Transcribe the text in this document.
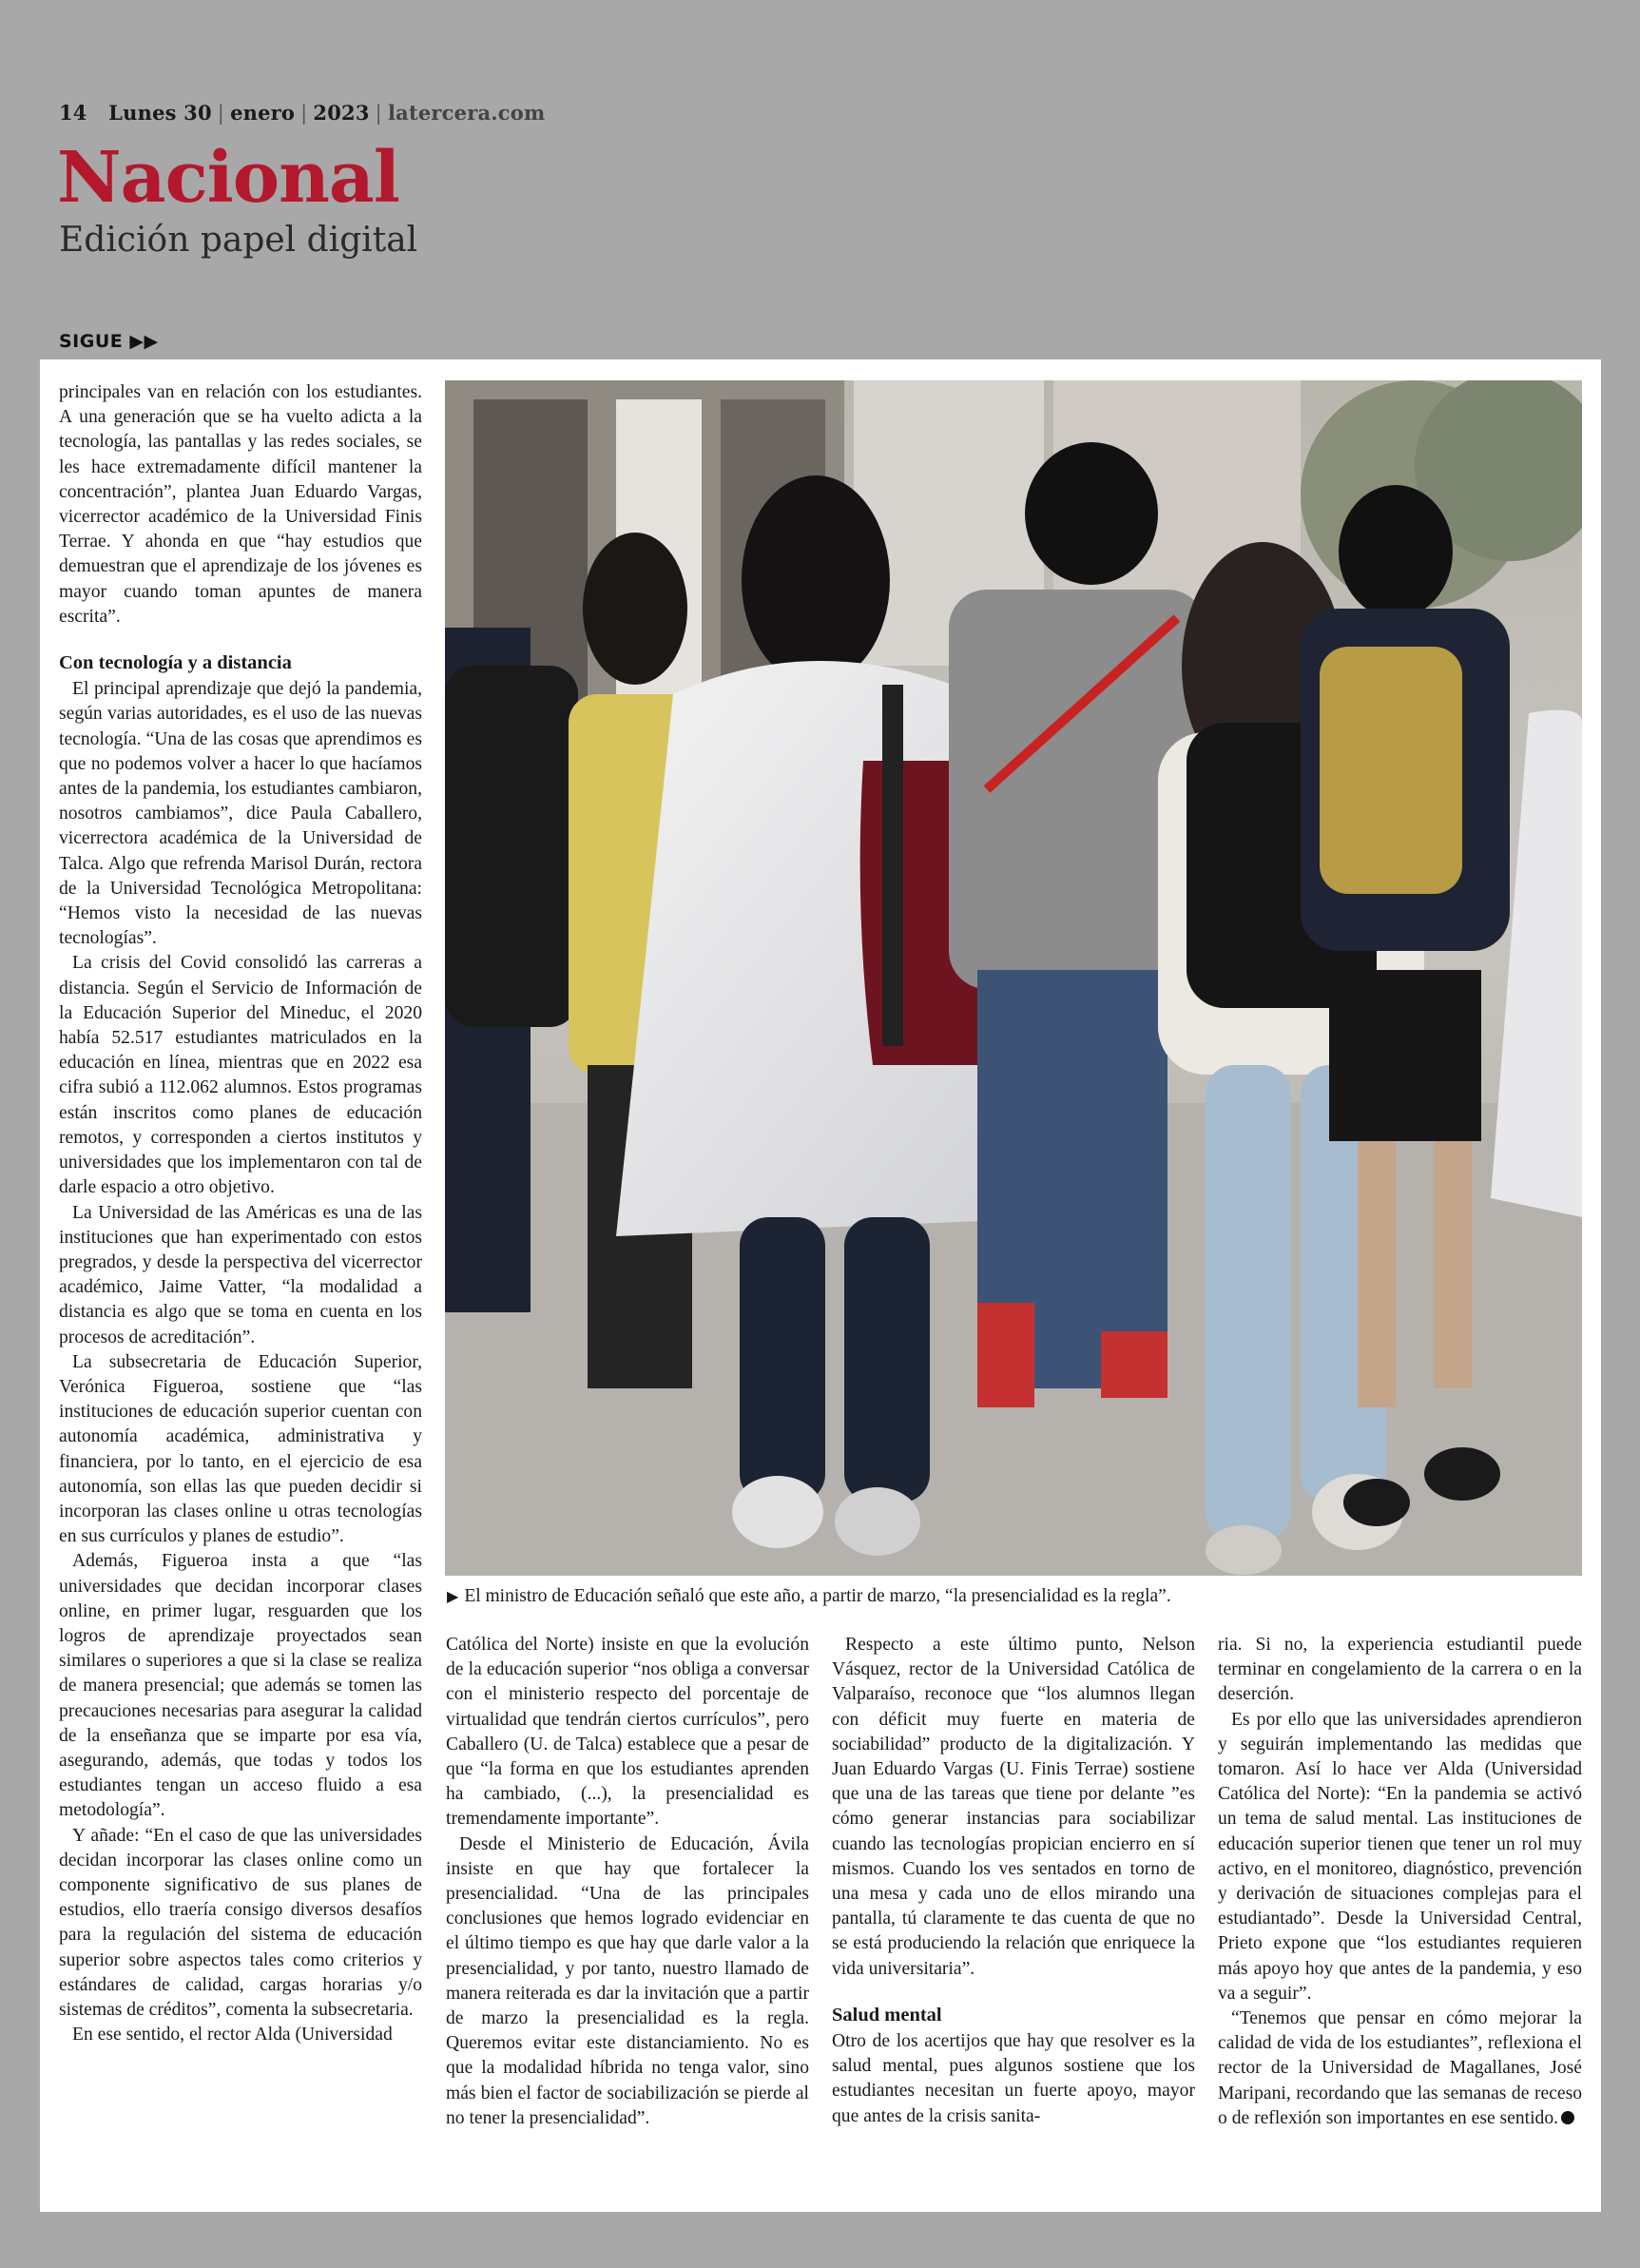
14 Lunes 30 | enero | 2023 | latercera.com
Nacional
Edición papel digital
SIGUE ▶▶

principales van en relación con los estudiantes. A una generación que se ha vuelto adicta a la tecnología, las pantallas y las redes sociales, se les hace extremadamente difícil mantener la concentración”, plantea Juan Eduardo Vargas, vicerrector académico de la Universidad Finis Terrae. Y ahonda en que “hay estudios que demuestran que el aprendizaje de los jóvenes es mayor cuando toman apuntes de manera escrita”.

Con tecnología y a distancia

El principal aprendizaje que dejó la pandemia, según varias autoridades, es el uso de las nuevas tecnología. “Una de las cosas que aprendimos es que no podemos volver a hacer lo que hacíamos antes de la pandemia, los estudiantes cambiaron, nosotros cambiamos”, dice Paula Caballero, vicerrectora académica de la Universidad de Talca. Algo que refrenda Marisol Durán, rectora de la Universidad Tecnológica Metropolitana: “Hemos visto la necesidad de las nuevas tecnologías”.

La crisis del Covid consolidó las carreras a distancia. Según el Servicio de Información de la Educación Superior del Mineduc, el 2020 había 52.517 estudiantes matriculados en la educación en línea, mientras que en 2022 esa cifra subió a 112.062 alumnos. Estos programas están inscritos como planes de educación remotos, y corresponden a ciertos institutos y universidades que los implementaron con tal de darle espacio a otro objetivo.

La Universidad de las Américas es una de las instituciones que han experimentado con estos pregrados, y desde la perspectiva del vicerrector académico, Jaime Vatter, “la modalidad a distancia es algo que se toma en cuenta en los procesos de acreditación”.

La subsecretaria de Educación Superior, Verónica Figueroa, sostiene que “las instituciones de educación superior cuentan con autonomía académica, administrativa y financiera, por lo tanto, en el ejercicio de esa autonomía, son ellas las que pueden decidir si incorporan las clases online u otras tecnologías en sus currículos y planes de estudio”.

Además, Figueroa insta a que “las universidades que decidan incorporar clases online, en primer lugar, resguarden que los logros de aprendizaje proyectados sean similares o superiores a que si la clase se realiza de manera presencial; que además se tomen las precauciones necesarias para asegurar la calidad de la enseñanza que se imparte por esa vía, asegurando, además, que todas y todos los estudiantes tengan un acceso fluido a esa metodología”.

Y añade: “En el caso de que las universidades decidan incorporar las clases online como un componente significativo de sus planes de estudios, ello traería consigo diversos desafíos para la regulación del sistema de educación superior sobre aspectos tales como criterios y estándares de calidad, cargas horarias y/o sistemas de créditos”, comenta la subsecretaria.

En ese sentido, el rector Alda (Universidad

▶ El ministro de Educación señaló que este año, a partir de marzo, “la presencialidad es la regla”.

Católica del Norte) insiste en que la evolución de la educación superior “nos obliga a conversar con el ministerio respecto del porcentaje de virtualidad que tendrán ciertos currículos”, pero Caballero (U. de Talca) establece que a pesar de que “la forma en que los estudiantes aprenden ha cambiado, (...), la presencialidad es tremendamente importante”.

Desde el Ministerio de Educación, Ávila insiste en que hay que fortalecer la presencialidad. “Una de las principales conclusiones que hemos logrado evidenciar en el último tiempo es que hay que darle valor a la presencialidad, y por tanto, nuestro llamado de manera reiterada es dar la invitación que a partir de marzo la presencialidad es la regla. Queremos evitar este distanciamiento. No es que la modalidad híbrida no tenga valor, sino más bien el factor de sociabilización se pierde al no tener la presencialidad”.

Respecto a este último punto, Nelson Vásquez, rector de la Universidad Católica de Valparaíso, reconoce que “los alumnos llegan con déficit muy fuerte en materia de sociabilidad” producto de la digitalización. Y Juan Eduardo Vargas (U. Finis Terrae) sostiene que una de las tareas que tiene por delante ”es cómo generar instancias para sociabilizar cuando las tecnologías propician encierro en sí mismos. Cuando los ves sentados en torno de una mesa y cada uno de ellos mirando una pantalla, tú claramente te das cuenta de que no se está produciendo la relación que enriquece la vida universitaria”.

Salud mental

Otro de los acertijos que hay que resolver es la salud mental, pues algunos sostiene que los estudiantes necesitan un fuerte apoyo, mayor que antes de la crisis sanita-

ria. Si no, la experiencia estudiantil puede terminar en congelamiento de la carrera o en la deserción.

Es por ello que las universidades aprendieron y seguirán implementando las medidas que tomaron. Así lo hace ver Alda (Universidad Católica del Norte): “En la pandemia se activó un tema de salud mental. Las instituciones de educación superior tienen que tener un rol muy activo, en el monitoreo, diagnóstico, prevención y derivación de situaciones complejas para el estudiantado”. Desde la Universidad Central, Prieto expone que “los estudiantes requieren más apoyo hoy que antes de la pandemia, y eso va a seguir”.

“Tenemos que pensar en cómo mejorar la calidad de vida de los estudiantes”, reflexiona el rector de la Universidad de Magallanes, José Maripani, recordando que las semanas de receso o de reflexión son importantes en ese sentido.
